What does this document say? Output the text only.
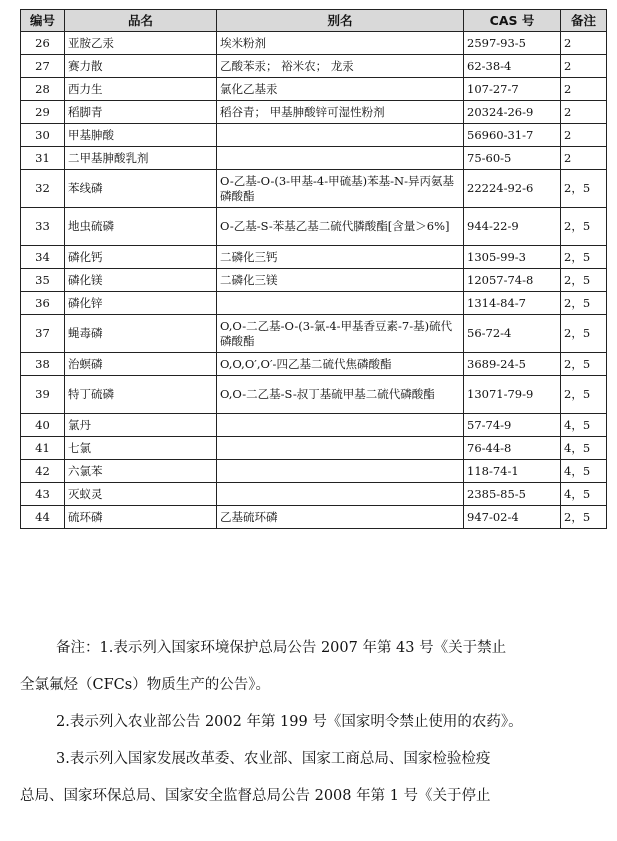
编号	品名	别名	CAS 号	备注
26	亚胺乙汞	埃米粉剂	2597-93-5	2
27	赛力散	乙酸苯汞； 裕米农； 龙汞	62-38-4	2
28	西力生	氯化乙基汞	107-27-7	2
29	稻脚青	稻谷青； 甲基胂酸锌可湿性粉剂	20324-26-9	2
30	甲基胂酸		56960-31-7	2
31	二甲基胂酸乳剂		75-60-5	2
32	苯线磷	O-乙基-O-(3-甲基-4-甲硫基)苯基-N-异丙氨基磷酸酯	22224-92-6	2，5
33	地虫硫磷	O-乙基-S-苯基乙基二硫代膦酸酯[含量＞6%]	944-22-9	2，5
34	磷化钙	二磷化三钙	1305-99-3	2，5
35	磷化镁	二磷化三镁	12057-74-8	2，5
36	磷化锌		1314-84-7	2，5
37	蝇毒磷	O,O-二乙基-O-(3-氯-4-甲基香豆素-7-基)硫代磷酸酯	56-72-4	2，5
38	治螟磷	O,O,O′,O′-四乙基二硫代焦磷酸酯	3689-24-5	2，5
39	特丁硫磷	O,O-二乙基-S-叔丁基硫甲基二硫代磷酸酯	13071-79-9	2，5
40	氯丹		57-74-9	4，5
41	七氯		76-44-8	4，5
42	六氯苯		118-74-1	4，5
43	灭蚁灵		2385-85-5	4，5
44	硫环磷	乙基硫环磷	947-02-4	2，5

备注：1.表示列入国家环境保护总局公告 2007 年第 43 号《关于禁止

全氯氟烃（CFCs）物质生产的公告》。

2.表示列入农业部公告 2002 年第 199 号《国家明令禁止使用的农药》。

3.表示列入国家发展改革委、农业部、国家工商总局、国家检验检疫

总局、国家环保总局、国家安全监督总局公告 2008 年第 1 号《关于停止
